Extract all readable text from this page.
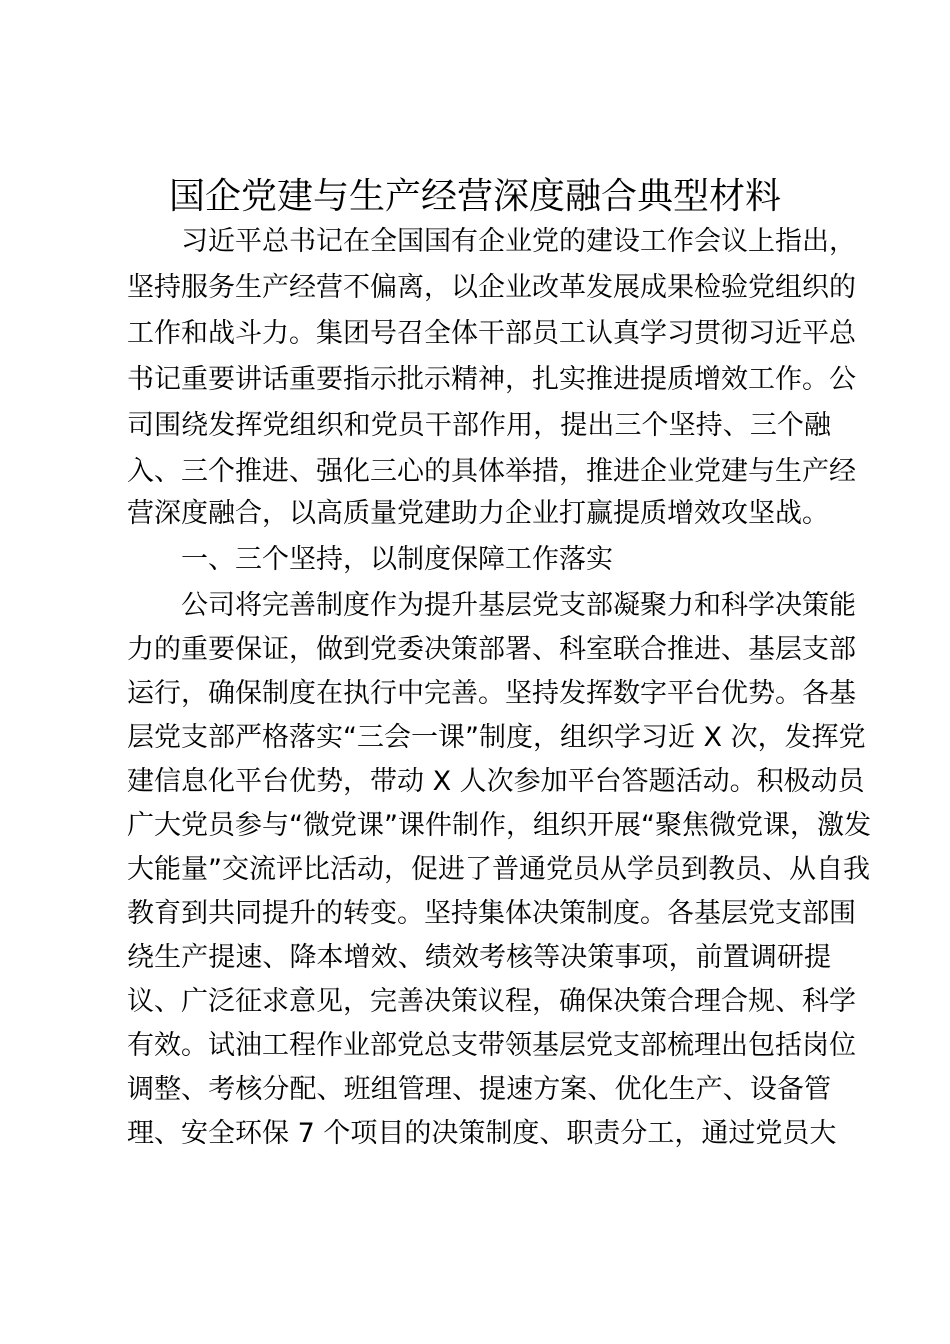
国企党建与生产经营深度融合典型材料
习近平总书记在全国国有企业党的建设工作会议上指出，
坚持服务生产经营不偏离，以企业改革发展成果检验党组织的
工作和战斗力。集团号召全体干部员工认真学习贯彻习近平总
书记重要讲话重要指示批示精神，扎实推进提质增效工作。公
司围绕发挥党组织和党员干部作用，提出三个坚持、三个融
入、三个推进、强化三心的具体举措，推进企业党建与生产经
营深度融合，以高质量党建助力企业打赢提质增效攻坚战。
一、三个坚持，以制度保障工作落实
公司将完善制度作为提升基层党支部凝聚力和科学决策能
力的重要保证，做到党委决策部署、科室联合推进、基层支部
运行，确保制度在执行中完善。坚持发挥数字平台优势。各基
层党支部严格落实“三会一课”制度，组织学习近 X 次，发挥党
建信息化平台优势，带动 X 人次参加平台答题活动。积极动员
广大党员参与“微党课”课件制作，组织开展“聚焦微党课，激发
大能量”交流评比活动，促进了普通党员从学员到教员、从自我
教育到共同提升的转变。坚持集体决策制度。各基层党支部围
绕生产提速、降本增效、绩效考核等决策事项，前置调研提
议、广泛征求意见，完善决策议程，确保决策合理合规、科学
有效。试油工程作业部党总支带领基层党支部梳理出包括岗位
调整、考核分配、班组管理、提速方案、优化生产、设备管
理、安全环保 7 个项目的决策制度、职责分工，通过党员大
